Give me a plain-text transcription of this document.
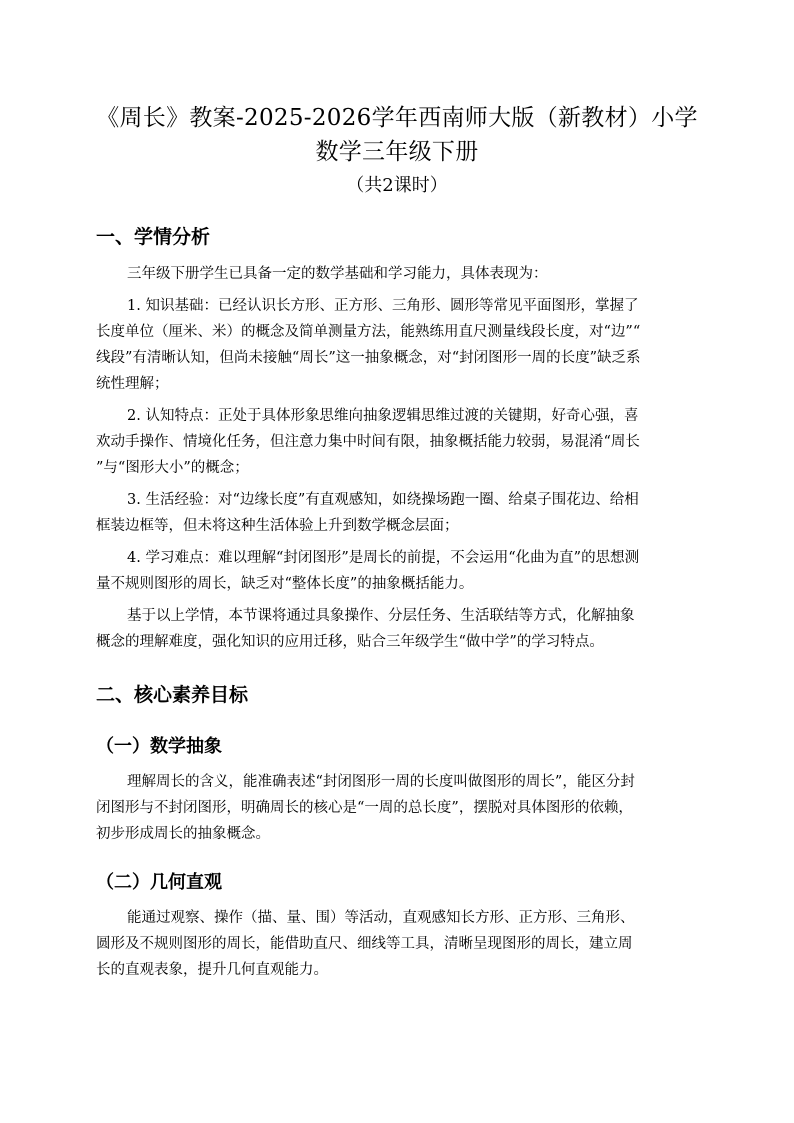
《周长》教案-2025-2026学年西南师大版（新教材）小学
数学三年级下册
（共2课时）
一、学情分析
三年级下册学生已具备一定的数学基础和学习能力，具体表现为：
1. 知识基础：已经认识长方形、正方形、三角形、圆形等常见平面图形，掌握了
长度单位（厘米、米）的概念及简单测量方法，能熟练用直尺测量线段长度，对“边”“
线段”有清晰认知，但尚未接触“周长”这一抽象概念，对“封闭图形一周的长度”缺乏系
统性理解；
2. 认知特点：正处于具体形象思维向抽象逻辑思维过渡的关键期，好奇心强，喜
欢动手操作、情境化任务，但注意力集中时间有限，抽象概括能力较弱，易混淆“周长
”与“图形大小”的概念；
3. 生活经验：对“边缘长度”有直观感知，如绕操场跑一圈、给桌子围花边、给相
框装边框等，但未将这种生活体验上升到数学概念层面；
4. 学习难点：难以理解“封闭图形”是周长的前提，不会运用“化曲为直”的思想测
量不规则图形的周长，缺乏对“整体长度”的抽象概括能力。
基于以上学情，本节课将通过具象操作、分层任务、生活联结等方式，化解抽象
概念的理解难度，强化知识的应用迁移，贴合三年级学生“做中学”的学习特点。
二、核心素养目标
（一）数学抽象
理解周长的含义，能准确表述“封闭图形一周的长度叫做图形的周长”，能区分封
闭图形与不封闭图形，明确周长的核心是“一周的总长度”，摆脱对具体图形的依赖，
初步形成周长的抽象概念。
（二）几何直观
能通过观察、操作（描、量、围）等活动，直观感知长方形、正方形、三角形、
圆形及不规则图形的周长，能借助直尺、细线等工具，清晰呈现图形的周长，建立周
长的直观表象，提升几何直观能力。
